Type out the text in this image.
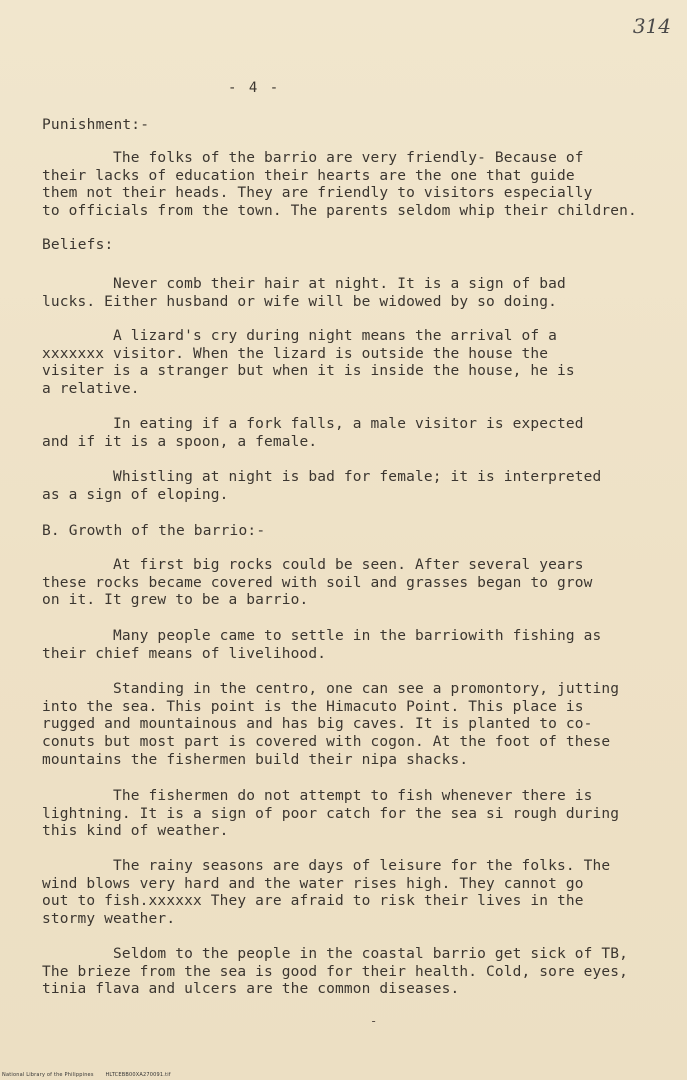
314
- 4 -
Punishment:-
The folks of the barrio are very friendly- Because of
their lacks of education their hearts are the one that guide
them not their heads. They are friendly to visitors especially
to officials from the town. The parents seldom whip their children.
Beliefs:
Never comb their hair at night. It is a sign of bad
lucks. Either husband or wife will be widowed by so doing.
A lizard's cry during night means the arrival of a
xxxxxxx visitor. When the lizard is outside the house the
visiter is a stranger but when it is inside the house, he is
a relative.
In eating if a fork falls, a male visitor is expected
and if it is a spoon, a female.
Whistling at night is bad for female; it is interpreted
as a sign of eloping.
B. Growth of the barrio:-
At first big rocks could be seen. After several years
these rocks became covered with soil and grasses began to grow
on it. It grew to be a barrio.
Many people came to settle in the barriowith fishing as
their chief means of livelihood.
Standing in the centro, one can see a promontory, jutting
into the sea. This point is the Himacuto Point. This place is
rugged and mountainous and has big caves. It is planted to co-
conuts but most part is covered with cogon. At the foot of these
mountains the fishermen build their nipa shacks.
The fishermen do not attempt to fish whenever there is
lightning. It is a sign of poor catch for the sea si rough during
this kind of weather.
The rainy seasons are days of leisure for the folks. The
wind blows very hard and the water rises high. They cannot go
out to fish.xxxxxx They are afraid to risk their lives in the
stormy weather.
Seldom to the people in the coastal barrio get sick of TB,
The brieze from the sea is good for their health. Cold, sore eyes,
tinia flava and ulcers are the common diseases.
-
National Library of the Philippines HLTCEBB00XA270091.tif
